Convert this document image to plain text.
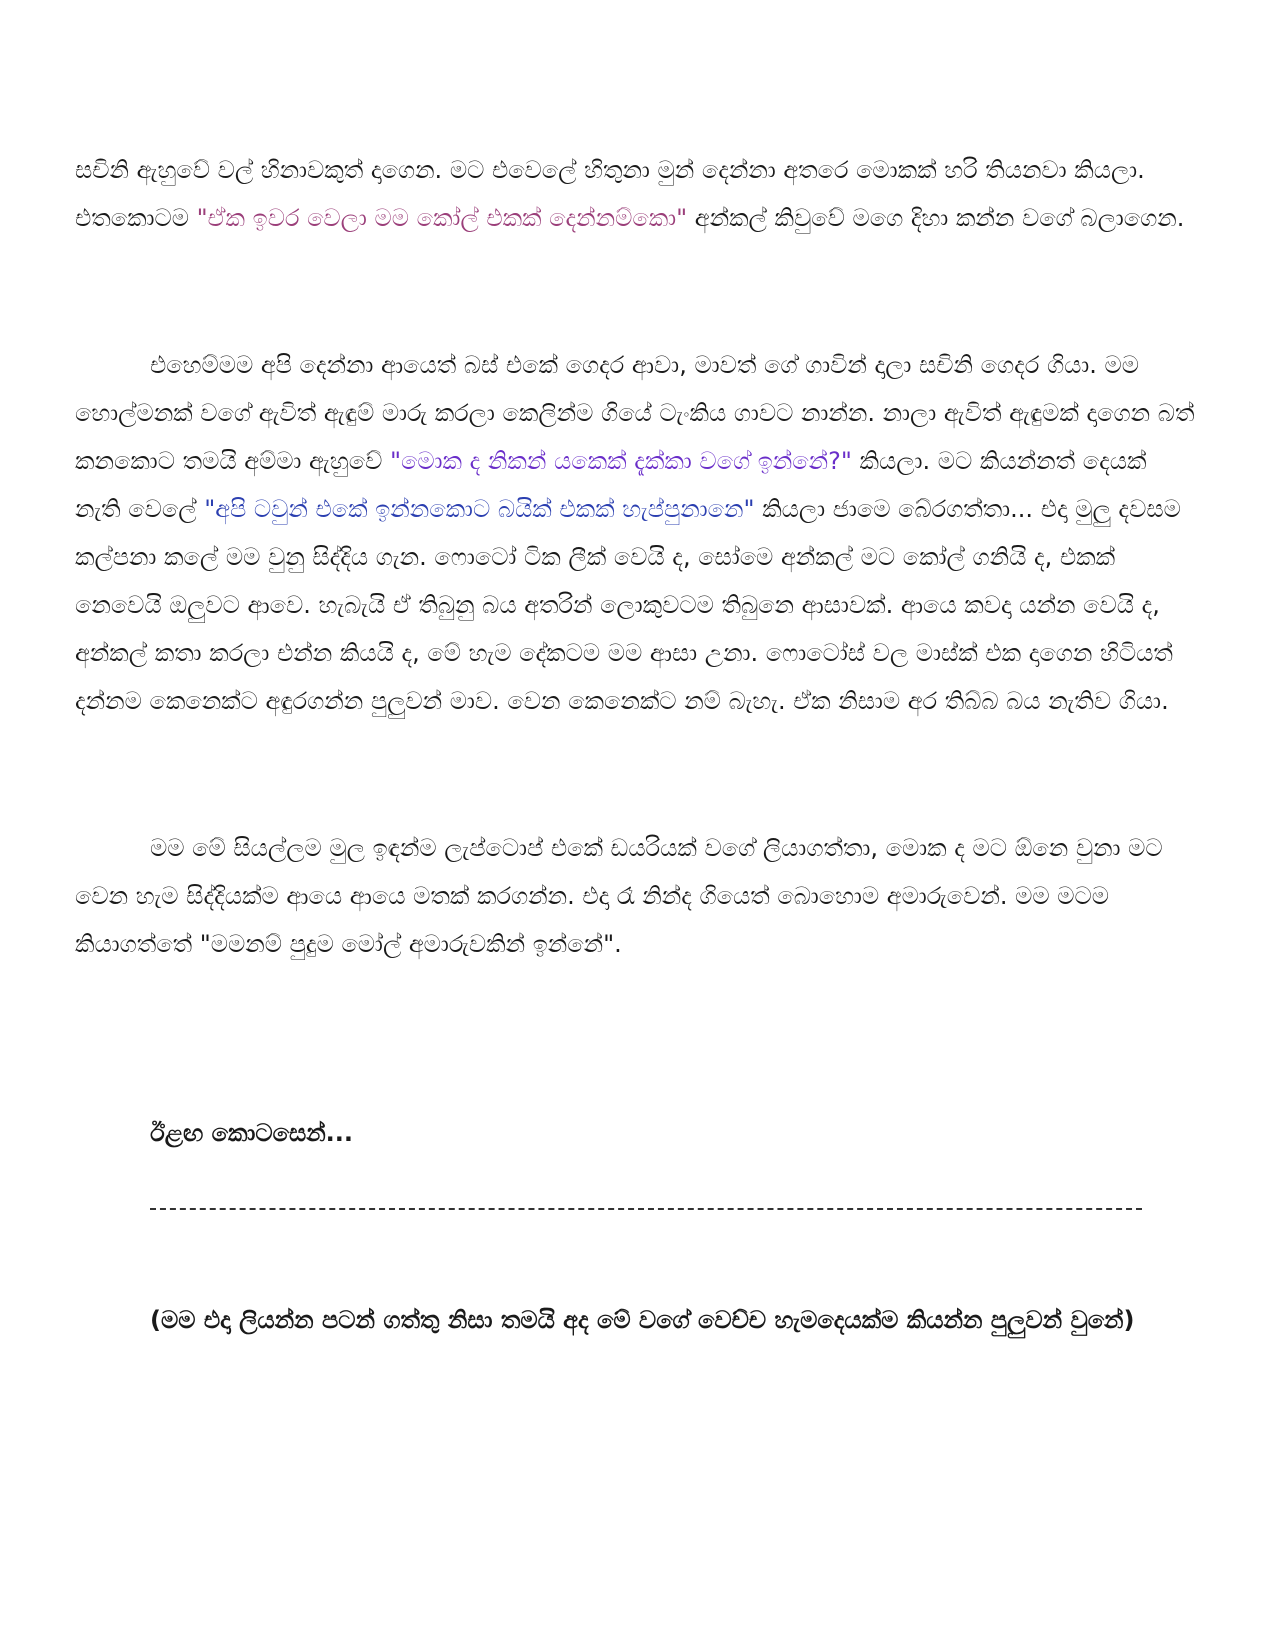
සචිනි ඇහුවේ වල් හිනාවකුත් දාගෙන. මට එවෙලේ හිතුනා මුන් දෙන්නා අතරෙ මොකක් හරි තියනවා කියලා. එතකොටම "ඒක ඉවර වෙලා මම කෝල් එකක් දෙන්නම්කො" අන්කල් කිවුවේ මගෙ දිහා කන්න වගේ බලාගෙන.

එහෙම්මම අපි දෙන්නා ආයෙත් බස් එකේ ගෙදර ආවා, මාවත් ගේ ගාවින් දාලා සචිනි ගෙදර ගියා. මම හොල්මනක් වගේ ඇවිත් ඇඳුම් මාරු කරලා කෙලින්ම ගියේ ටැංකිය ගාවට නාන්න. නාලා ඇවිත් ඇඳුමක් දාගෙන බත් කනකොට තමයි අම්මා ඇහුවේ "මොක ද නිකන් යකෙක් දැක්කා වගේ ඉන්නේ?" කියලා. මට කියන්නත් දෙයක් නැති වෙලේ "අපි ටවුන් එකේ ඉන්නකොට බයික් එකක් හැප්පුනානෙ" කියලා ජාමෙ බේරගත්තා... එදා මුලු දවසම කල්පනා කලේ මම වුනු සිද්දිය ගැන. ෆොටෝ ටික ලීක් වෙයි ද, සෝමෙ අන්කල් මට කෝල් ගනියි ද, එකක් නෙවෙයි ඔලුවට ආවෙ. හැබැයි ඒ තිබුනු බය අතරින් ලොකුවටම තිබුනෙ ආසාවක්. ආයෙ කවදා යන්න වෙයි ද, අන්කල් කතා කරලා එන්න කියයි ද, මේ හැම දේකටම මම ආසා උනා. ෆොටෝස් වල මාස්ක් එක දාගෙන හිටියත් දන්නම කෙනෙක්ට අඳුරගන්න පුලුවන් මාව. වෙන කෙනෙක්ට නම් බැහැ. ඒක නිසාම අර තිබ්බ බය නැතිව ගියා.

මම මේ සියල්ලම මුල ඉඳන්ම ලැප්ටොප් එකේ ඩයරියක් වගේ ලියාගත්තා, මොක ද මට ඕනෙ වුනා මට වෙන හැම සිද්දියක්ම ආයෙ ආයෙ මතක් කරගන්න. එදා රෑ නින්ද ගියෙත් බොහොම අමාරුවෙන්. මම මටම කියාගත්තේ "මමනම් පුදුම මෝල් අමාරුවකින් ඉන්නේ".

ඊළඟ කොටසෙන්...

(මම එදා ලියන්න පටන් ගත්තු නිසා තමයි අද මේ වගේ වෙච්ච හැමදෙයක්ම කියන්න පුලුවන් වුනේ)
